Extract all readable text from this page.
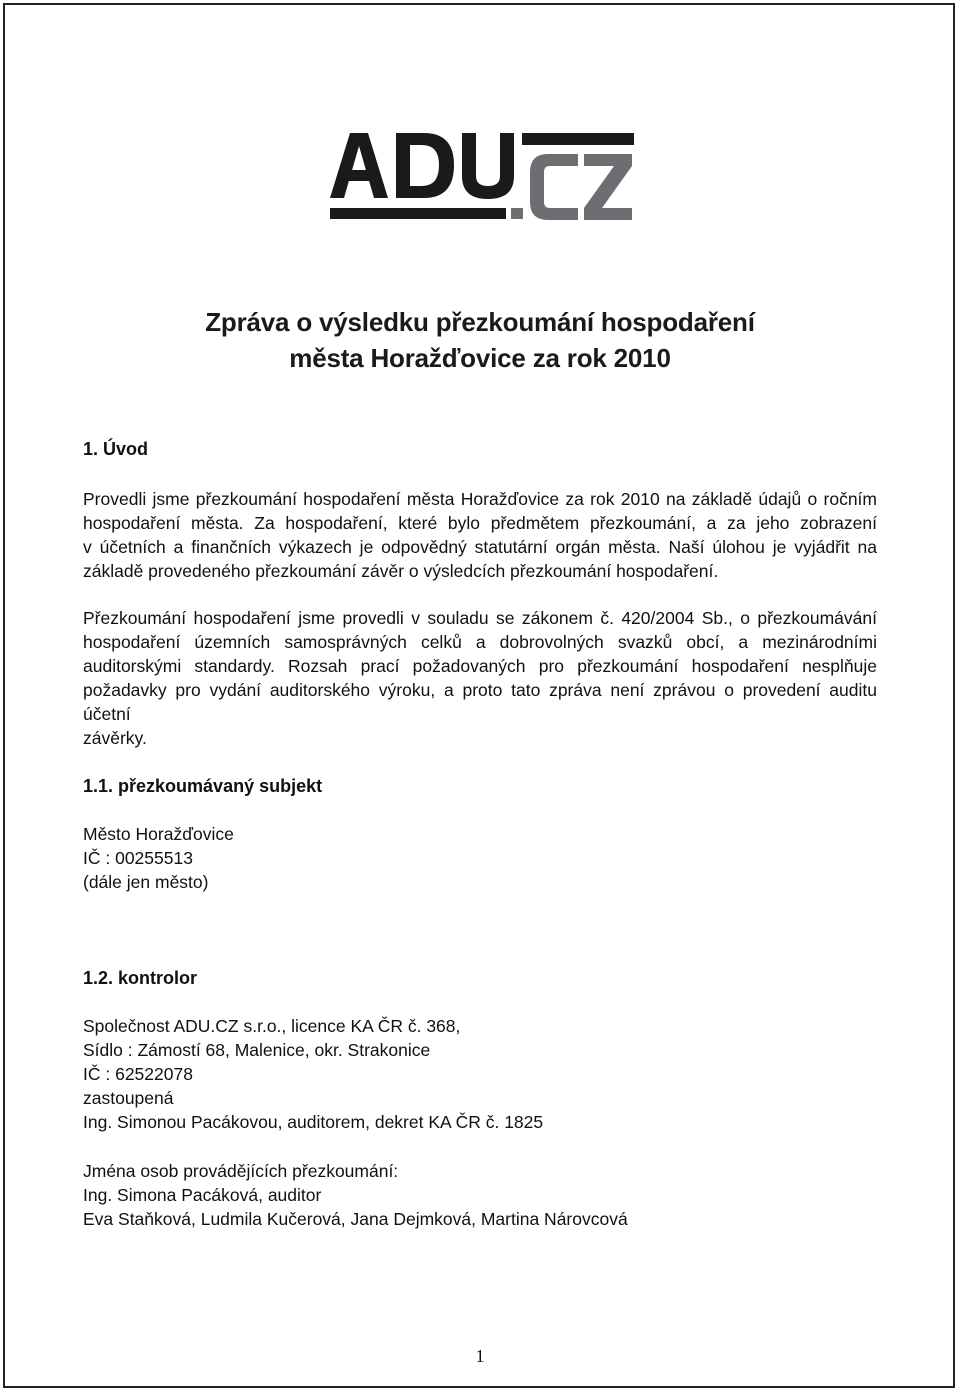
Zpráva o výsledku přezkoumání hospodaření
města Horažďovice za rok 2010
1. Úvod
Provedli jsme přezkoumání hospodaření města Horažďovice za rok 2010 na základě údajů o ročním
hospodaření města. Za hospodaření, které bylo předmětem přezkoumání, a za jeho zobrazení
v účetních a finančních výkazech je odpovědný statutární orgán města. Naší úlohou je vyjádřit na
základě provedeného přezkoumání závěr o výsledcích přezkoumání hospodaření.
Přezkoumání hospodaření jsme provedli v souladu se zákonem č. 420/2004 Sb., o přezkoumávání
hospodaření územních samosprávných celků a dobrovolných svazků obcí, a mezinárodními
auditorskými standardy. Rozsah prací požadovaných pro přezkoumání hospodaření nesplňuje
požadavky pro vydání auditorského výroku, a proto tato zpráva není zprávou o provedení auditu účetní
závěrky.
1.1. přezkoumávaný subjekt
Město Horažďovice
IČ : 00255513
(dále jen město)
1.2. kontrolor
Společnost ADU.CZ s.r.o., licence KA ČR č. 368,
Sídlo : Zámostí 68, Malenice, okr. Strakonice
IČ : 62522078
zastoupená
Ing. Simonou Pacákovou, auditorem, dekret KA ČR č. 1825
Jména osob provádějících přezkoumání:
Ing. Simona Pacáková, auditor
Eva Staňková, Ludmila Kučerová, Jana Dejmková, Martina Nárovcová
1
